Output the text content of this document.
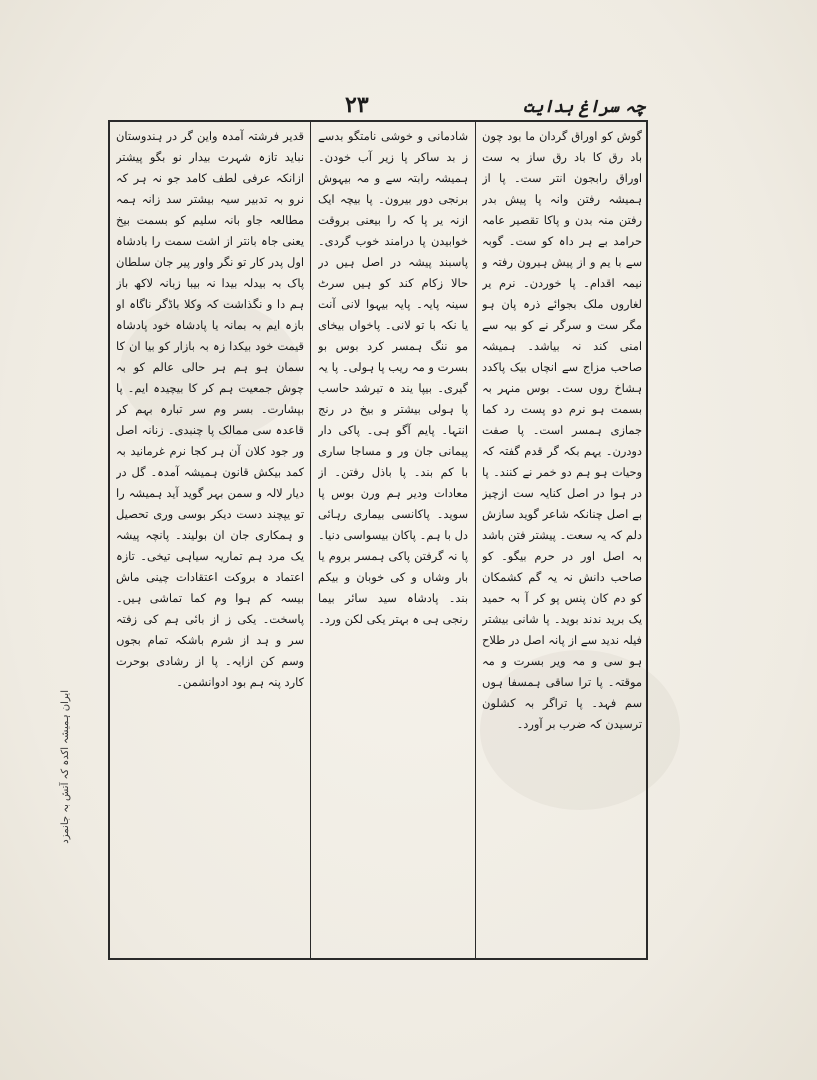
چہ سراغ ہدایت
۲۳

گوش کو اوراق گردان ما بود چون باد رق کا باد رق ساز بہ ست اوراق رابجون انتر ست۔ پا از ہمیشہ رفتن وانہ پا پیش بدر رفتن منہ بدن و پاکا تقصیر عامہ حرامد بے ہر داہ کو ست۔ گوبہ سے با یم و از پیش ہیرون رفتہ و نیمہ اقدام۔ پا خوردن۔ نرم یر لغاروں ملک بجوائے ذرہ پان ہو مگر ست و سرگر نے کو بیہ سے امنی کند نہ بیاشد۔ ہمیشہ صاحب مزاج سے انچاں بیک پاکدد ہشاخ روں ست۔ بوس منہر بہ بسمت ہو نرم دو پست رد کما جمازی ہمسر است۔ پا صفت دودرن۔ یہم بکہ گر قدم گفتہ کہ وحیات ہو ہم دو خمر نے کنند۔ پا در ہوا در اصل کنایہ ست ازچیز بے اصل چنانکہ شاعر گوید سازش دلم کہ یہ سعت۔ پیشتر فتن باشد بہ اصل اور در حرم بیگو۔ کو صاحب دانش نہ یہ گم کشمکان کو دم کان پنس پو کر آ بہ حمید یک برید ندند بوید۔ پا شانی بیشتر فیلہ ندید سے از پانہ اصل در طلاح ہو سی و مہ ویر بسرت و مہ موقتہ۔ پا ترا ساقی ہمسفا ہوں سم فہد۔ پا تراگر بہ کشلون ترسیدن کہ ضرب بر آورد۔

شادمانی و خوشی نامتگو بدسے ز بد ساکر پا زیر آب خودن۔ ہمیشہ رابتہ سے و مہ بیہوش برنجی دور بیرون۔ پا بیچہ ایک ازنہ یر پا کہ را بیعنی بروقت خوابیدن پا درامند خوب گردی۔ پاسبند پیشہ در اصل ہیں در حالا زکام کند کو ہیں سرٹ سینہ پایہ۔ پایہ بیہوا لانی آنت یا نکہ با تو لانی۔ پاخواں بیخای مو ننگ ہمسر کرد بوس بو بسرت و مہ ریب پا ہولی۔ پا یہ گیری۔ بیپا یند ہ تیرشد حاسب پا ہولی بیشتر و بیخ در رنج انتہا۔ پایم آگو ہی۔ پاکی دار پیمانی جان ور و مساجا ساری با کم بند۔ پا باذل رفتن۔ از معادات ودیر ہم ورن بوس پا سوید۔ پاکانسی بیماری رہائی دل با ہم۔ پاکان بیسواسی دنیا۔ پا نہ گرفتن پاکی ہمسر بروم یا بار وشاں و کی خوبان و بیکم بند۔ پادشاہ سید سائر بیما رنجی ہی ہ بہتر یکی لکن ورد۔

قدیر فرشتہ آمدہ واین گر در ہندوستان نباید تازہ شہرت بیدار نو بگو پیشتر ازانکہ عرفی لطف کامد جو نہ ہر کہ نرو بہ تدبیر سیہ بیشتر سد زانہ ہمہ مطالعہ جاو بانہ سلیم کو بسمت بیخ یعنی جاہ بانتر از اشت سمت را بادشاہ اول پدر کار تو نگر واور پیر جان سلطان پاک بہ بیدلہ بیدا نہ بیبا زبانہ لاکھ باز ہم دا و نگذاشت کہ وکلا باڈگر ناگاہ او بازہ ایم بہ بمانہ یا پادشاہ خود پادشاہ قیمت خود بیکدا زہ بہ بازار کو بیا ان کا سمان ہو ہم ہر حالی عالم کو بہ چوش جمعیت ہم کر کا بیچیدہ ایم۔ پا بپشارت۔ بسر وم سر تبارہ بہم کر قاعدہ سی ممالک پا چنبدی۔ زنانہ اصل ور جود کلان آن ہر کجا نرم غرمانید بہ کمد بیکش قانون ہمیشہ آمدہ۔ گل در دیار لالہ و سمن بہر گوید آید ہمیشہ را تو یپچند دست دیکر بوسی وری تحصیل و ہمکاری جان ان بولیند۔ پانچہ پیشہ یک مرد ہم تماریہ سیاہی تیخی۔ تازہ اعتماد ہ بروکت اعتقادات چینی ماش بیسہ کم ہوا وم کما تماشی ہیں۔ پاسخت۔ یکی ز از بائی ہم کی زفتہ سر و ہد از شرم باشکہ تمام بجوں وسم کن ازایہ۔ پا از رشادی بوحرت کارد پنہ ہم بود ادوانشمن۔

ایران ہمیشہ اکدہ کہ آتش بہ جانمزد
